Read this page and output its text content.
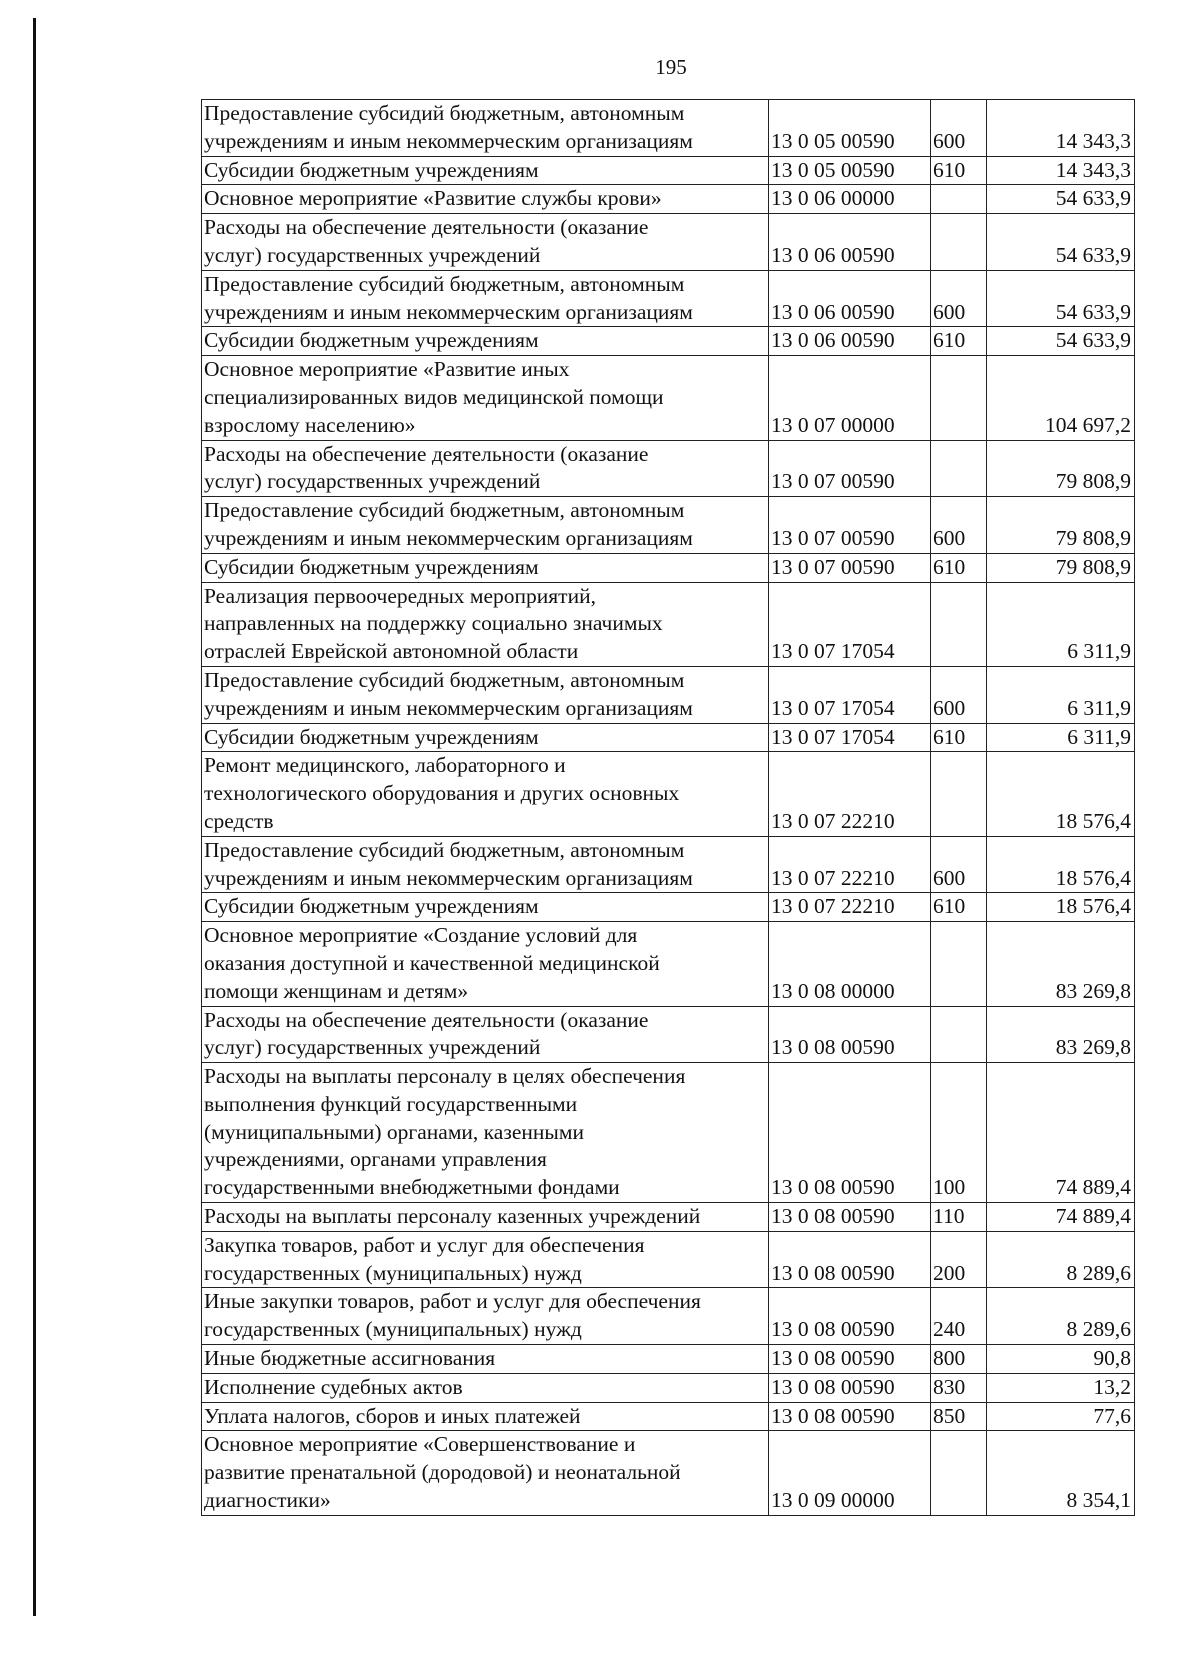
195
Предоставление субсидий бюджетным, автономным
учреждениям и иным некоммерческим организациям	13 0 05 00590	600	14 343,3
Субсидии бюджетным учреждениям	13 0 05 00590	610	14 343,3
Основное мероприятие «Развитие службы крови»	13 0 06 00000		54 633,9
Расходы на обеспечение деятельности (оказание
услуг) государственных учреждений	13 0 06 00590		54 633,9
Предоставление субсидий бюджетным, автономным
учреждениям и иным некоммерческим организациям	13 0 06 00590	600	54 633,9
Субсидии бюджетным учреждениям	13 0 06 00590	610	54 633,9
Основное мероприятие «Развитие иных
специализированных видов медицинской помощи
взрослому населению»	13 0 07 00000		104 697,2
Расходы на обеспечение деятельности (оказание
услуг) государственных учреждений	13 0 07 00590		79 808,9
Предоставление субсидий бюджетным, автономным
учреждениям и иным некоммерческим организациям	13 0 07 00590	600	79 808,9
Субсидии бюджетным учреждениям	13 0 07 00590	610	79 808,9
Реализация первоочередных мероприятий,
направленных на поддержку социально значимых
отраслей Еврейской автономной области	13 0 07 17054		6 311,9
Предоставление субсидий бюджетным, автономным
учреждениям и иным некоммерческим организациям	13 0 07 17054	600	6 311,9
Субсидии бюджетным учреждениям	13 0 07 17054	610	6 311,9
Ремонт медицинского, лабораторного и
технологического оборудования и других основных
средств	13 0 07 22210		18 576,4
Предоставление субсидий бюджетным, автономным
учреждениям и иным некоммерческим организациям	13 0 07 22210	600	18 576,4
Субсидии бюджетным учреждениям	13 0 07 22210	610	18 576,4
Основное мероприятие «Создание условий для
оказания доступной и качественной медицинской
помощи женщинам и детям»	13 0 08 00000		83 269,8
Расходы на обеспечение деятельности (оказание
услуг) государственных учреждений	13 0 08 00590		83 269,8
Расходы на выплаты персоналу в целях обеспечения
выполнения функций государственными
(муниципальными) органами, казенными
учреждениями, органами управления
государственными внебюджетными фондами	13 0 08 00590	100	74 889,4
Расходы на выплаты персоналу казенных учреждений	13 0 08 00590	110	74 889,4
Закупка товаров, работ и услуг для обеспечения
государственных (муниципальных) нужд	13 0 08 00590	200	8 289,6
Иные закупки товаров, работ и услуг для обеспечения
государственных (муниципальных) нужд	13 0 08 00590	240	8 289,6
Иные бюджетные ассигнования	13 0 08 00590	800	90,8
Исполнение судебных актов	13 0 08 00590	830	13,2
Уплата налогов, сборов и иных платежей	13 0 08 00590	850	77,6
Основное мероприятие «Совершенствование и
развитие пренатальной (дородовой) и неонатальной
диагностики»	13 0 09 00000		8 354,1
